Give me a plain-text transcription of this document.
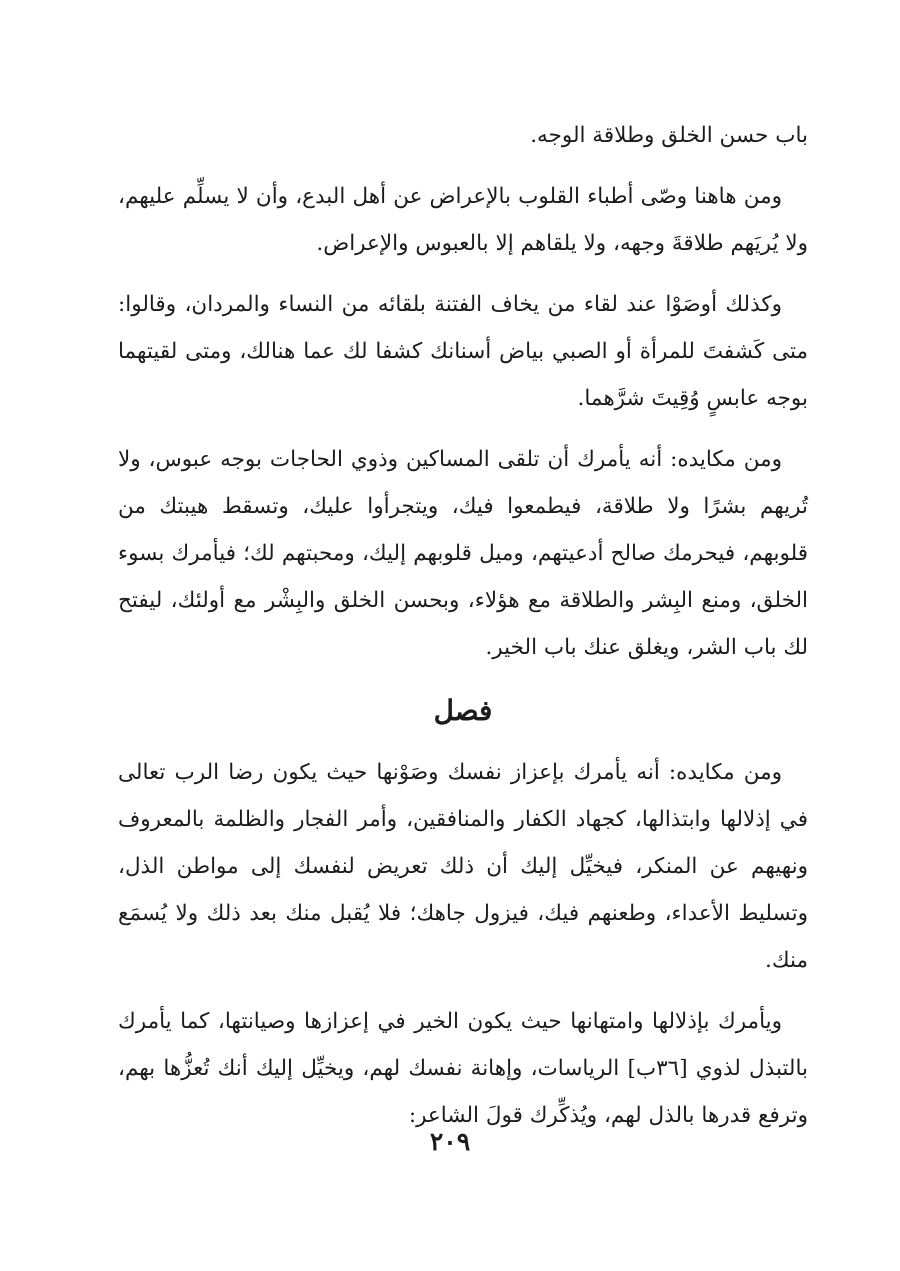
باب حسن الخلق وطلاقة الوجه.

ومن هاهنا وصّى أطباء القلوب بالإعراض عن أهل البدع، وأن لا يسلِّم عليهم، ولا يُريَهم طلاقةَ وجهه، ولا يلقاهم إلا بالعبوس والإعراض.

وكذلك أوصَوْا عند لقاء من يخاف الفتنة بلقائه من النساء والمردان، وقالوا: متى كَشفتَ للمرأة أو الصبي بياض أسنانك كشفا لك عما هنالك، ومتى لقيتهما بوجه عابسٍ وُقِيتَ شرَّهما.

ومن مكايده: أنه يأمرك أن تلقى المساكين وذوي الحاجات بوجه عبوس، ولا تُريهم بشرًا ولا طلاقة، فيطمعوا فيك، ويتجرأوا عليك، وتسقط هيبتك من قلوبهم، فيحرمك صالح أدعيتهم، وميل قلوبهم إليك، ومحبتهم لك؛ فيأمرك بسوء الخلق، ومنع البِشر والطلاقة مع هؤلاء، وبحسن الخلق والبِشْر مع أولئك، ليفتح لك باب الشر، ويغلق عنك باب الخير.

فصل

ومن مكايده: أنه يأمرك بإعزاز نفسك وصَوْنها حيث يكون رضا الرب تعالى في إذلالها وابتذالها، كجهاد الكفار والمنافقين، وأمر الفجار والظلمة بالمعروف ونهيهم عن المنكر، فيخيِّل إليك أن ذلك تعريض لنفسك إلى مواطن الذل، وتسليط الأعداء، وطعنهم فيك، فيزول جاهك؛ فلا يُقبل منك بعد ذلك ولا يُسمَع منك.

ويأمرك بإذلالها وامتهانها حيث يكون الخير في إعزازها وصيانتها، كما يأمرك بالتبذل لذوي [٣٦ب] الرياسات، وإهانة نفسك لهم، ويخيِّل إليك أنك تُعزُّها بهم، وترفع قدرها بالذل لهم، ويُذكِّرك قولَ الشاعر:

٢٠٩
